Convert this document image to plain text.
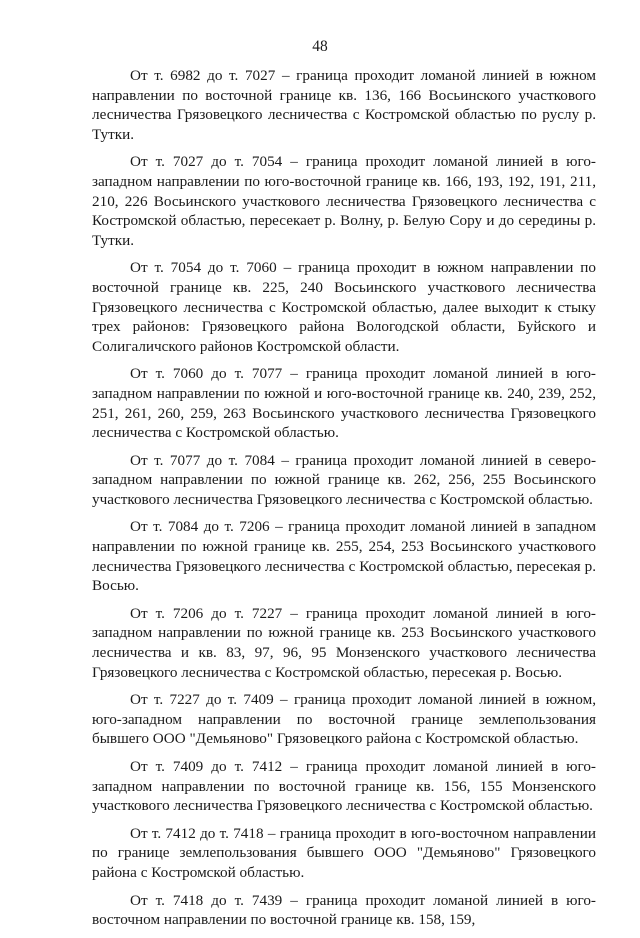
48

От т. 6982 до т. 7027 – граница проходит ломаной линией в южном направлении по восточной границе кв. 136, 166 Восьинского участкового лесничества Грязовецкого лесничества с Костромской областью по руслу р. Тутки.

От т. 7027 до т. 7054 – граница проходит ломаной линией в юго-западном направлении по юго-восточной границе кв. 166, 193, 192, 191, 211, 210, 226 Восьинского участкового лесничества Грязовецкого лесничества с Костромской областью, пересекает р. Волну, р. Белую Сору и до середины р. Тутки.

От т. 7054 до т. 7060 – граница проходит в южном направлении по восточной границе кв. 225, 240 Восьинского участкового лесничества Грязовецкого лесничества с Костромской областью, далее выходит к стыку трех районов: Грязовецкого района Вологодской области, Буйского и Солигаличского районов Костромской области.

От т. 7060 до т. 7077 – граница проходит ломаной линией в юго-западном направлении по южной и юго-восточной границе кв. 240, 239, 252, 251, 261, 260, 259, 263 Восьинского участкового лесничества Грязовецкого лесничества с Костромской областью.

От т. 7077 до т. 7084 – граница проходит ломаной линией в северо-западном направлении по южной границе кв. 262, 256, 255 Восьинского участкового лесничества Грязовецкого лесничества с Костромской областью.

От т. 7084 до т. 7206 – граница проходит ломаной линией в западном направлении по южной границе кв. 255, 254, 253 Восьинского участкового лесничества Грязовецкого лесничества с Костромской областью, пересекая р. Восью.

От т. 7206 до т. 7227 – граница проходит ломаной линией в юго-западном направлении по южной границе кв. 253 Восьинского участкового лесничества и кв. 83, 97, 96, 95 Монзенского участкового лесничества Грязовецкого лесничества с Костромской областью, пересекая р. Восью.

От т. 7227 до т. 7409 – граница проходит ломаной линией в южном, юго-западном направлении по восточной границе землепользования бывшего ООО "Демьяново" Грязовецкого района с Костромской областью.

От т. 7409 до т. 7412 – граница проходит ломаной линией в юго-западном направлении по восточной границе кв. 156, 155 Монзенского участкового лесничества Грязовецкого лесничества с Костромской областью.

От т. 7412 до т. 7418 – граница проходит в юго-восточном направлении по границе землепользования бывшего ООО "Демьяново" Грязовецкого района с Костромской областью.

От т. 7418 до т. 7439 – граница проходит ломаной линией в юго-восточном направлении по восточной границе кв. 158, 159,
